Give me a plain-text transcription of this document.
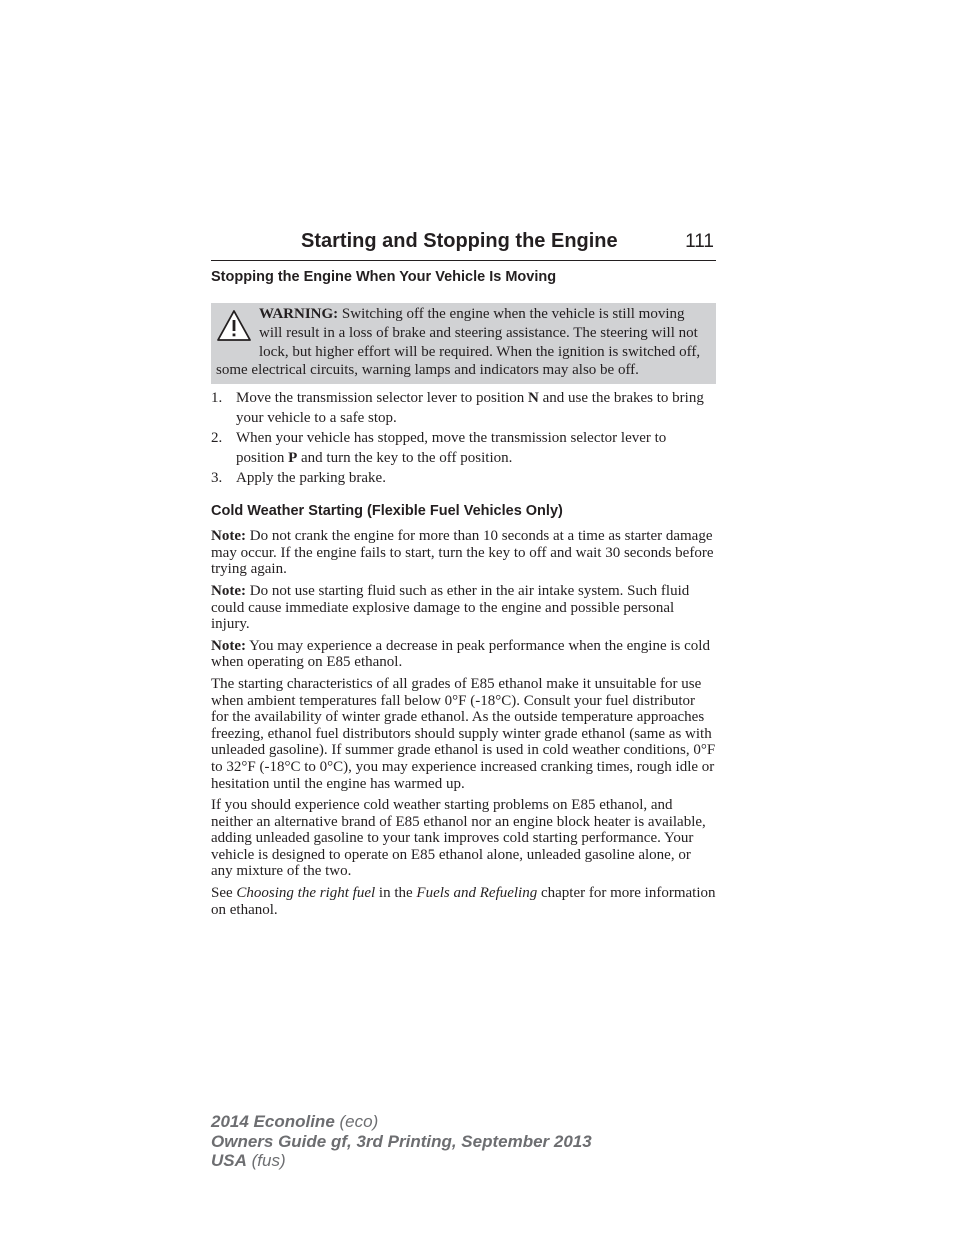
Starting and Stopping the Engine	111
Stopping the Engine When Your Vehicle Is Moving
WARNING: Switching off the engine when the vehicle is still moving will result in a loss of brake and steering assistance. The steering will not lock, but higher effort will be required. When the ignition is switched off, some electrical circuits, warning lamps and indicators may also be off.
1. Move the transmission selector lever to position N and use the brakes to bring your vehicle to a safe stop.
2. When your vehicle has stopped, move the transmission selector lever to position P and turn the key to the off position.
3. Apply the parking brake.
Cold Weather Starting (Flexible Fuel Vehicles Only)

Note: Do not crank the engine for more than 10 seconds at a time as starter damage may occur. If the engine fails to start, turn the key to off and wait 30 seconds before trying again.

Note: Do not use starting fluid such as ether in the air intake system. Such fluid could cause immediate explosive damage to the engine and possible personal injury.

Note: You may experience a decrease in peak performance when the engine is cold when operating on E85 ethanol.

The starting characteristics of all grades of E85 ethanol make it unsuitable for use when ambient temperatures fall below 0°F (-18°C). Consult your fuel distributor for the availability of winter grade ethanol. As the outside temperature approaches freezing, ethanol fuel distributors should supply winter grade ethanol (same as with unleaded gasoline). If summer grade ethanol is used in cold weather conditions, 0°F to 32°F (-18°C to 0°C), you may experience increased cranking times, rough idle or hesitation until the engine has warmed up.

If you should experience cold weather starting problems on E85 ethanol, and neither an alternative brand of E85 ethanol nor an engine block heater is available, adding unleaded gasoline to your tank improves cold starting performance. Your vehicle is designed to operate on E85 ethanol alone, unleaded gasoline alone, or any mixture of the two.

See Choosing the right fuel in the Fuels and Refueling chapter for more information on ethanol.

2014 Econoline (eco)
Owners Guide gf, 3rd Printing, September 2013
USA (fus)
